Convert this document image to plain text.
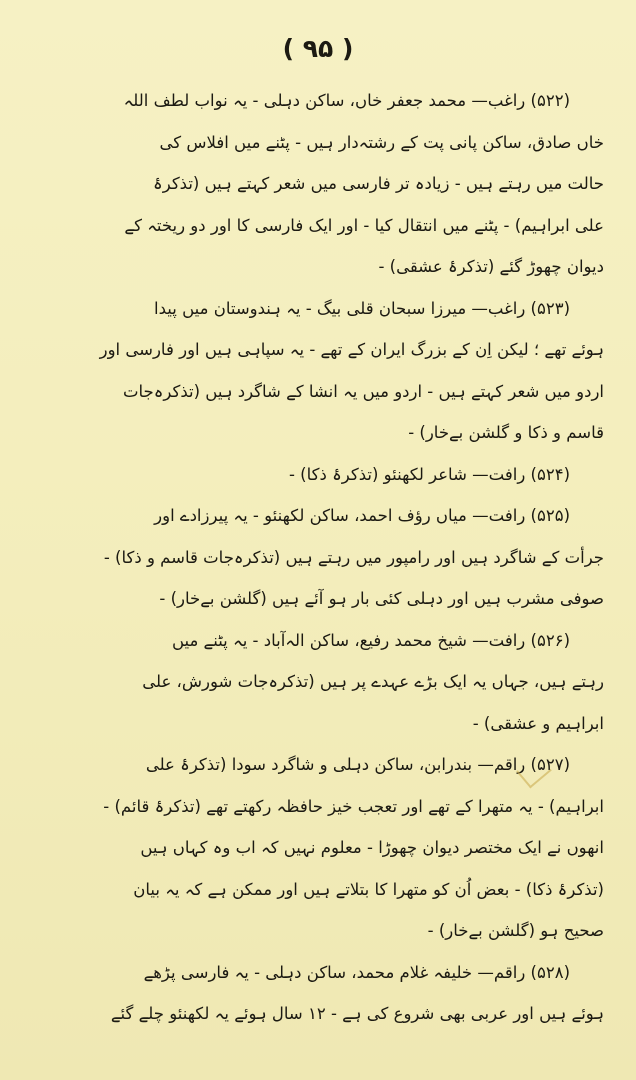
( ۹۵ )
(۵۲۲) راغب— محمد جعفر خاں، ساکن دہلی - یہ نواب لطف اللہ
خاں صادق، ساکن پانی پت کے رشتہ‌دار ہیں - پٹنے میں افلاس کی
حالت میں رہتے ہیں - زیادہ تر فارسی میں شعر کہتے ہیں (تذکرۂ
علی ابراہیم) - پٹنے میں انتقال کیا - اور ایک فارسی کا اور دو ریختہ کے
دیوان چھوڑ گئے (تذکرۂ عشقی) -
(۵۲۳) راغب— میرزا سبحان قلی بیگ - یہ ہندوستان میں پیدا
ہوئے تھے ؛ لیکن اِن کے بزرگ ایران کے تھے - یہ سپاہی ہیں اور فارسی اور
اردو میں شعر کہتے ہیں - اردو میں یہ انشا کے شاگرد ہیں (تذکرہ‌جات
قاسم و ذکا و گلشن بے‌خار) -
(۵۲۴) رافت— شاعر لکھنئو (تذکرۂ ذکا) -
(۵۲۵) رافت— میاں رؤف احمد، ساکن لکھنئو - یہ پیرزادے اور
جرأت کے شاگرد ہیں اور رامپور میں رہتے ہیں (تذکرہ‌جات قاسم و ذکا) -
صوفی مشرب ہیں اور دہلی کئی بار ہو آئے ہیں (گلشن بے‌خار) -
(۵۲۶) رافت— شیخ محمد رفیع، ساکن الہ‌آباد - یہ پٹنے میں
رہتے ہیں، جہاں یہ ایک بڑے عہدے پر ہیں (تذکرہ‌جات شورش، علی
ابراہیم و عشقی) -
(۵۲۷) راقم— بندرابن، ساکن دہلی و شاگرد سودا (تذکرۂ علی
ابراہیم) - یہ متھرا کے تھے اور تعجب خیز حافظہ رکھتے تھے (تذکرۂ قائم) -
انھوں نے ایک مختصر دیوان چھوڑا - معلوم نہیں کہ اب وہ کہاں ہیں
(تذکرۂ ذکا) - بعض اُن کو متھرا کا بتلاتے ہیں اور ممکن ہے کہ یہ بیان
صحیح ہو (گلشن بے‌خار) -
(۵۲۸) راقم— خلیفہ غلام محمد، ساکن دہلی - یہ فارسی پڑھے
ہوئے ہیں اور عربی بھی شروع کی ہے - ۱۲ سال ہوئے یہ لکھنئو چلے گئے
